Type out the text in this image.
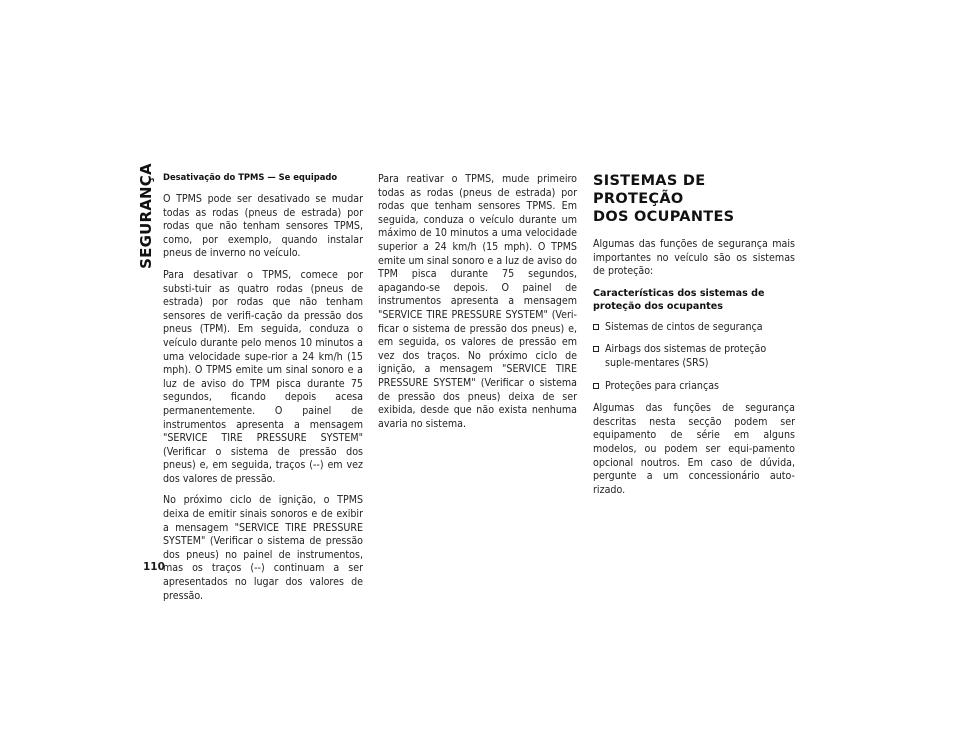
SEGURANÇA
110
Desativação do TPMS — Se equipado

O TPMS pode ser desativado se mudar todas as rodas (pneus de estrada) por rodas que não tenham sensores TPMS, como, por exemplo, quando instalar pneus de inverno no veículo.

Para desativar o TPMS, comece por substi-tuir as quatro rodas (pneus de estrada) por rodas que não tenham sensores de verifi-cação da pressão dos pneus (TPM). Em seguida, conduza o veículo durante pelo menos 10 minutos a uma velocidade supe-rior a 24 km/h (15 mph). O TPMS emite um sinal sonoro e a luz de aviso do TPM pisca durante 75 segundos, ficando depois acesa permanentemente. O painel de instrumentos apresenta a mensagem "SERVICE TIRE PRESSURE SYSTEM" (Verificar o sistema de pressão dos pneus) e, em seguida, traços (--) em vez dos valores de pressão.

No próximo ciclo de ignição, o TPMS deixa de emitir sinais sonoros e de exibir a mensagem "SERVICE TIRE PRESSURE SYSTEM" (Verificar o sistema de pressão dos pneus) no painel de instrumentos, mas os traços (--) continuam a ser apresentados no lugar dos valores de pressão.

Para reativar o TPMS, mude primeiro todas as rodas (pneus de estrada) por rodas que tenham sensores TPMS. Em seguida, conduza o veículo durante um máximo de 10 minutos a uma velocidade superior a 24 km/h (15 mph). O TPMS emite um sinal sonoro e a luz de aviso do TPM pisca durante 75 segundos, apagando-se depois. O painel de instrumentos apresenta a mensagem "SERVICE TIRE PRESSURE SYSTEM" (Veri-ficar o sistema de pressão dos pneus) e, em seguida, os valores de pressão em vez dos traços. No próximo ciclo de ignição, a mensagem "SERVICE TIRE PRESSURE SYSTEM" (Verificar o sistema de pressão dos pneus) deixa de ser exibida, desde que não exista nenhuma avaria no sistema.

SISTEMAS DE PROTEÇÃO
DOS OCUPANTES

Algumas das funções de segurança mais importantes no veículo são os sistemas de proteção:

Características dos sistemas de proteção dos ocupantes
Sistemas de cintos de segurança
Airbags dos sistemas de proteção suple-mentares (SRS)
Proteções para crianças

Algumas das funções de segurança descritas nesta secção podem ser equipamento de série em alguns modelos, ou podem ser equi-pamento opcional noutros. Em caso de dúvida, pergunte a um concessionário auto-rizado.
